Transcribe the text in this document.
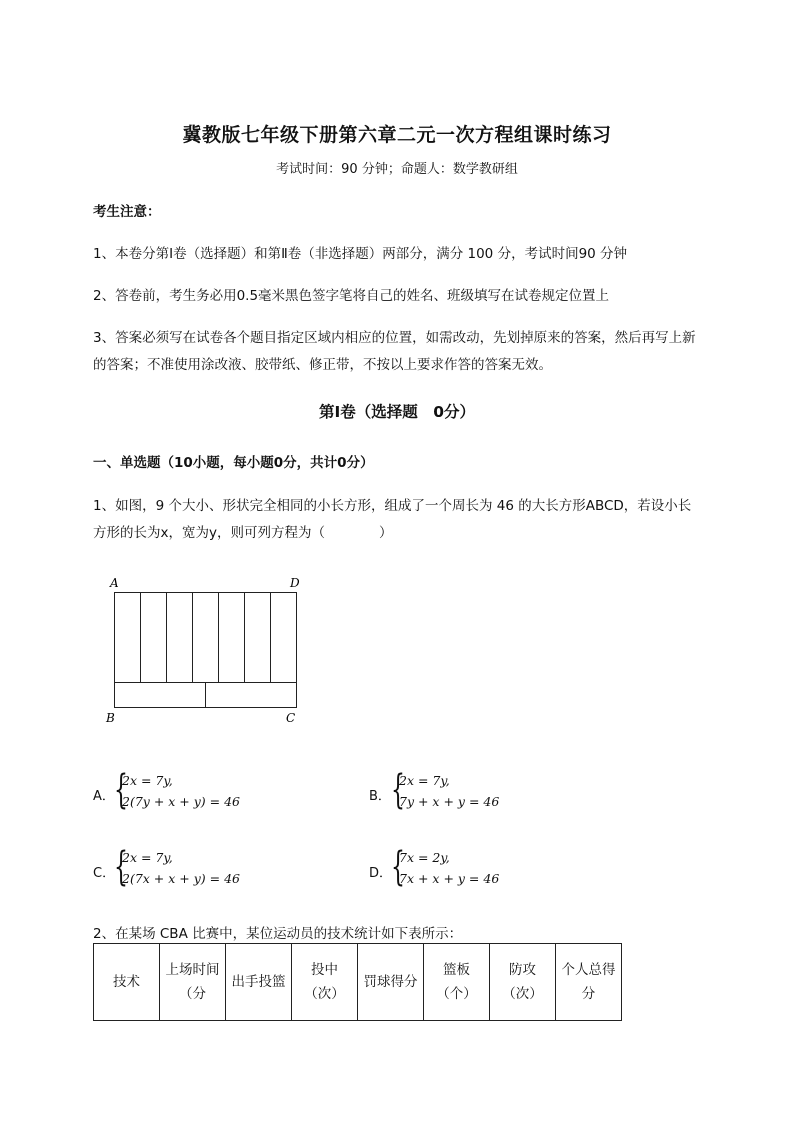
冀教版七年级下册第六章二元一次方程组课时练习
考试时间：90 分钟；命题人：数学教研组
考生注意：
1、本卷分第Ⅰ卷（选择题）和第Ⅱ卷（非选择题）两部分，满分 100 分，考试时间90 分钟
2、答卷前，考生务必用0.5毫米黑色签字笔将自己的姓名、班级填写在试卷规定位置上
3、答案必须写在试卷各个题目指定区域内相应的位置，如需改动，先划掉原来的答案，然后再写上新
的答案；不准使用涂改液、胶带纸、修正带，不按以上要求作答的答案无效。
第Ⅰ卷（选择题　0分）
一、单选题（10小题，每小题0分，共计0分）
1、如图，9 个大小、形状完全相同的小长方形，组成了一个周长为 46 的大长方形ABCD，若设小长
方形的长为x，宽为y，则可列方程为（　　　　）
A	D
B	C
A． {
2x = 7y,
2(7y + x + y) = 46	B． {
2x = 7y,
7y + x + y = 46
C．
{
2x = 7y,
2(7x + x + y) = 46	D．
{
7x = 2y,
7x + x + y = 46
2、在某场 CBA 比赛中，某位运动员的技术统计如下表所示：
技术	上场时间（分	出手投篮	投中（次）	罚球得分	篮板（个）	防攻（次）	个人总得分
